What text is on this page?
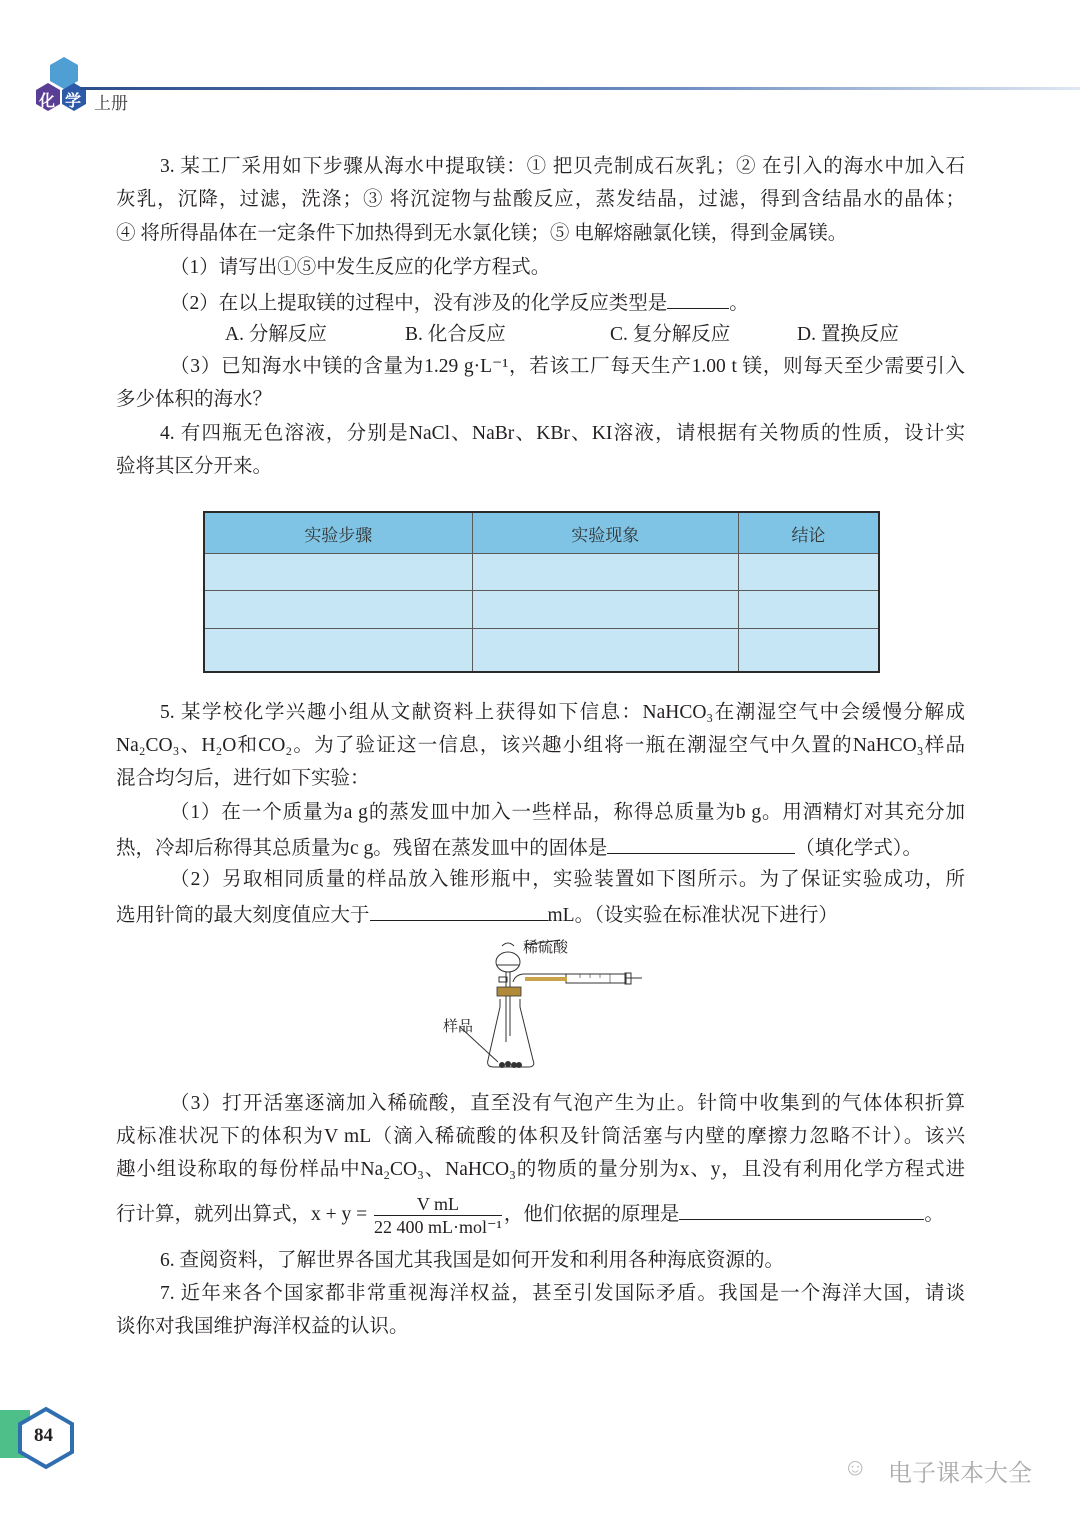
化 学 上册
3. 某工厂采用如下步骤从海水中提取镁：① 把贝壳制成石灰乳；② 在引入的海水中加入石
灰乳，沉降，过滤，洗涤；③ 将沉淀物与盐酸反应，蒸发结晶，过滤，得到含结晶水的晶体；
④ 将所得晶体在一定条件下加热得到无水氯化镁；⑤ 电解熔融氯化镁，得到金属镁。
（1）请写出①⑤中发生反应的化学方程式。
（2）在以上提取镁的过程中，没有涉及的化学反应类型是	。
A. 分解反应	B. 化合反应	C. 复分解反应	D. 置换反应
（3）已知海水中镁的含量为1.29 g·L⁻¹，若该工厂每天生产1.00 t 镁，则每天至少需要引入
多少体积的海水？
4. 有四瓶无色溶液，分别是NaCl、NaBr、KBr、KI溶液，请根据有关物质的性质，设计实
验将其区分开来。
实验步骤	实验现象	结论

5. 某学校化学兴趣小组从文献资料上获得如下信息：NaHCO₃在潮湿空气中会缓慢分解成
Na₂CO₃、H₂O和CO₂。为了验证这一信息，该兴趣小组将一瓶在潮湿空气中久置的NaHCO₃样品
混合均匀后，进行如下实验：
（1）在一个质量为a g的蒸发皿中加入一些样品，称得总质量为b g。用酒精灯对其充分加
热，冷却后称得其总质量为c g。残留在蒸发皿中的固体是	（填化学式）。
（2）另取相同质量的样品放入锥形瓶中，实验装置如下图所示。为了保证实验成功，所
选用针筒的最大刻度值应大于	mL。（设实验在标准状况下进行）
稀硫酸
样品
（3）打开活塞逐滴加入稀硫酸，直至没有气泡产生为止。针筒中收集到的气体体积折算
成标准状况下的体积为V mL（滴入稀硫酸的体积及针筒活塞与内壁的摩擦力忽略不计）。该兴
趣小组设称取的每份样品中Na₂CO₃、NaHCO₃的物质的量分别为x、y，且没有利用化学方程式进
行计算，就列出算式，$x + y = \frac{\text{V mL}}{\text{22 400 mL·mol⁻¹}}$ ，他们依据的原理是	。
6. 查阅资料，了解世界各国尤其我国是如何开发和利用各种海底资源的。
7. 近年来各个国家都非常重视海洋权益，甚至引发国际矛盾。我国是一个海洋大国，请谈
谈你对我国维护海洋权益的认识。
84
☺ 电子课本大全
